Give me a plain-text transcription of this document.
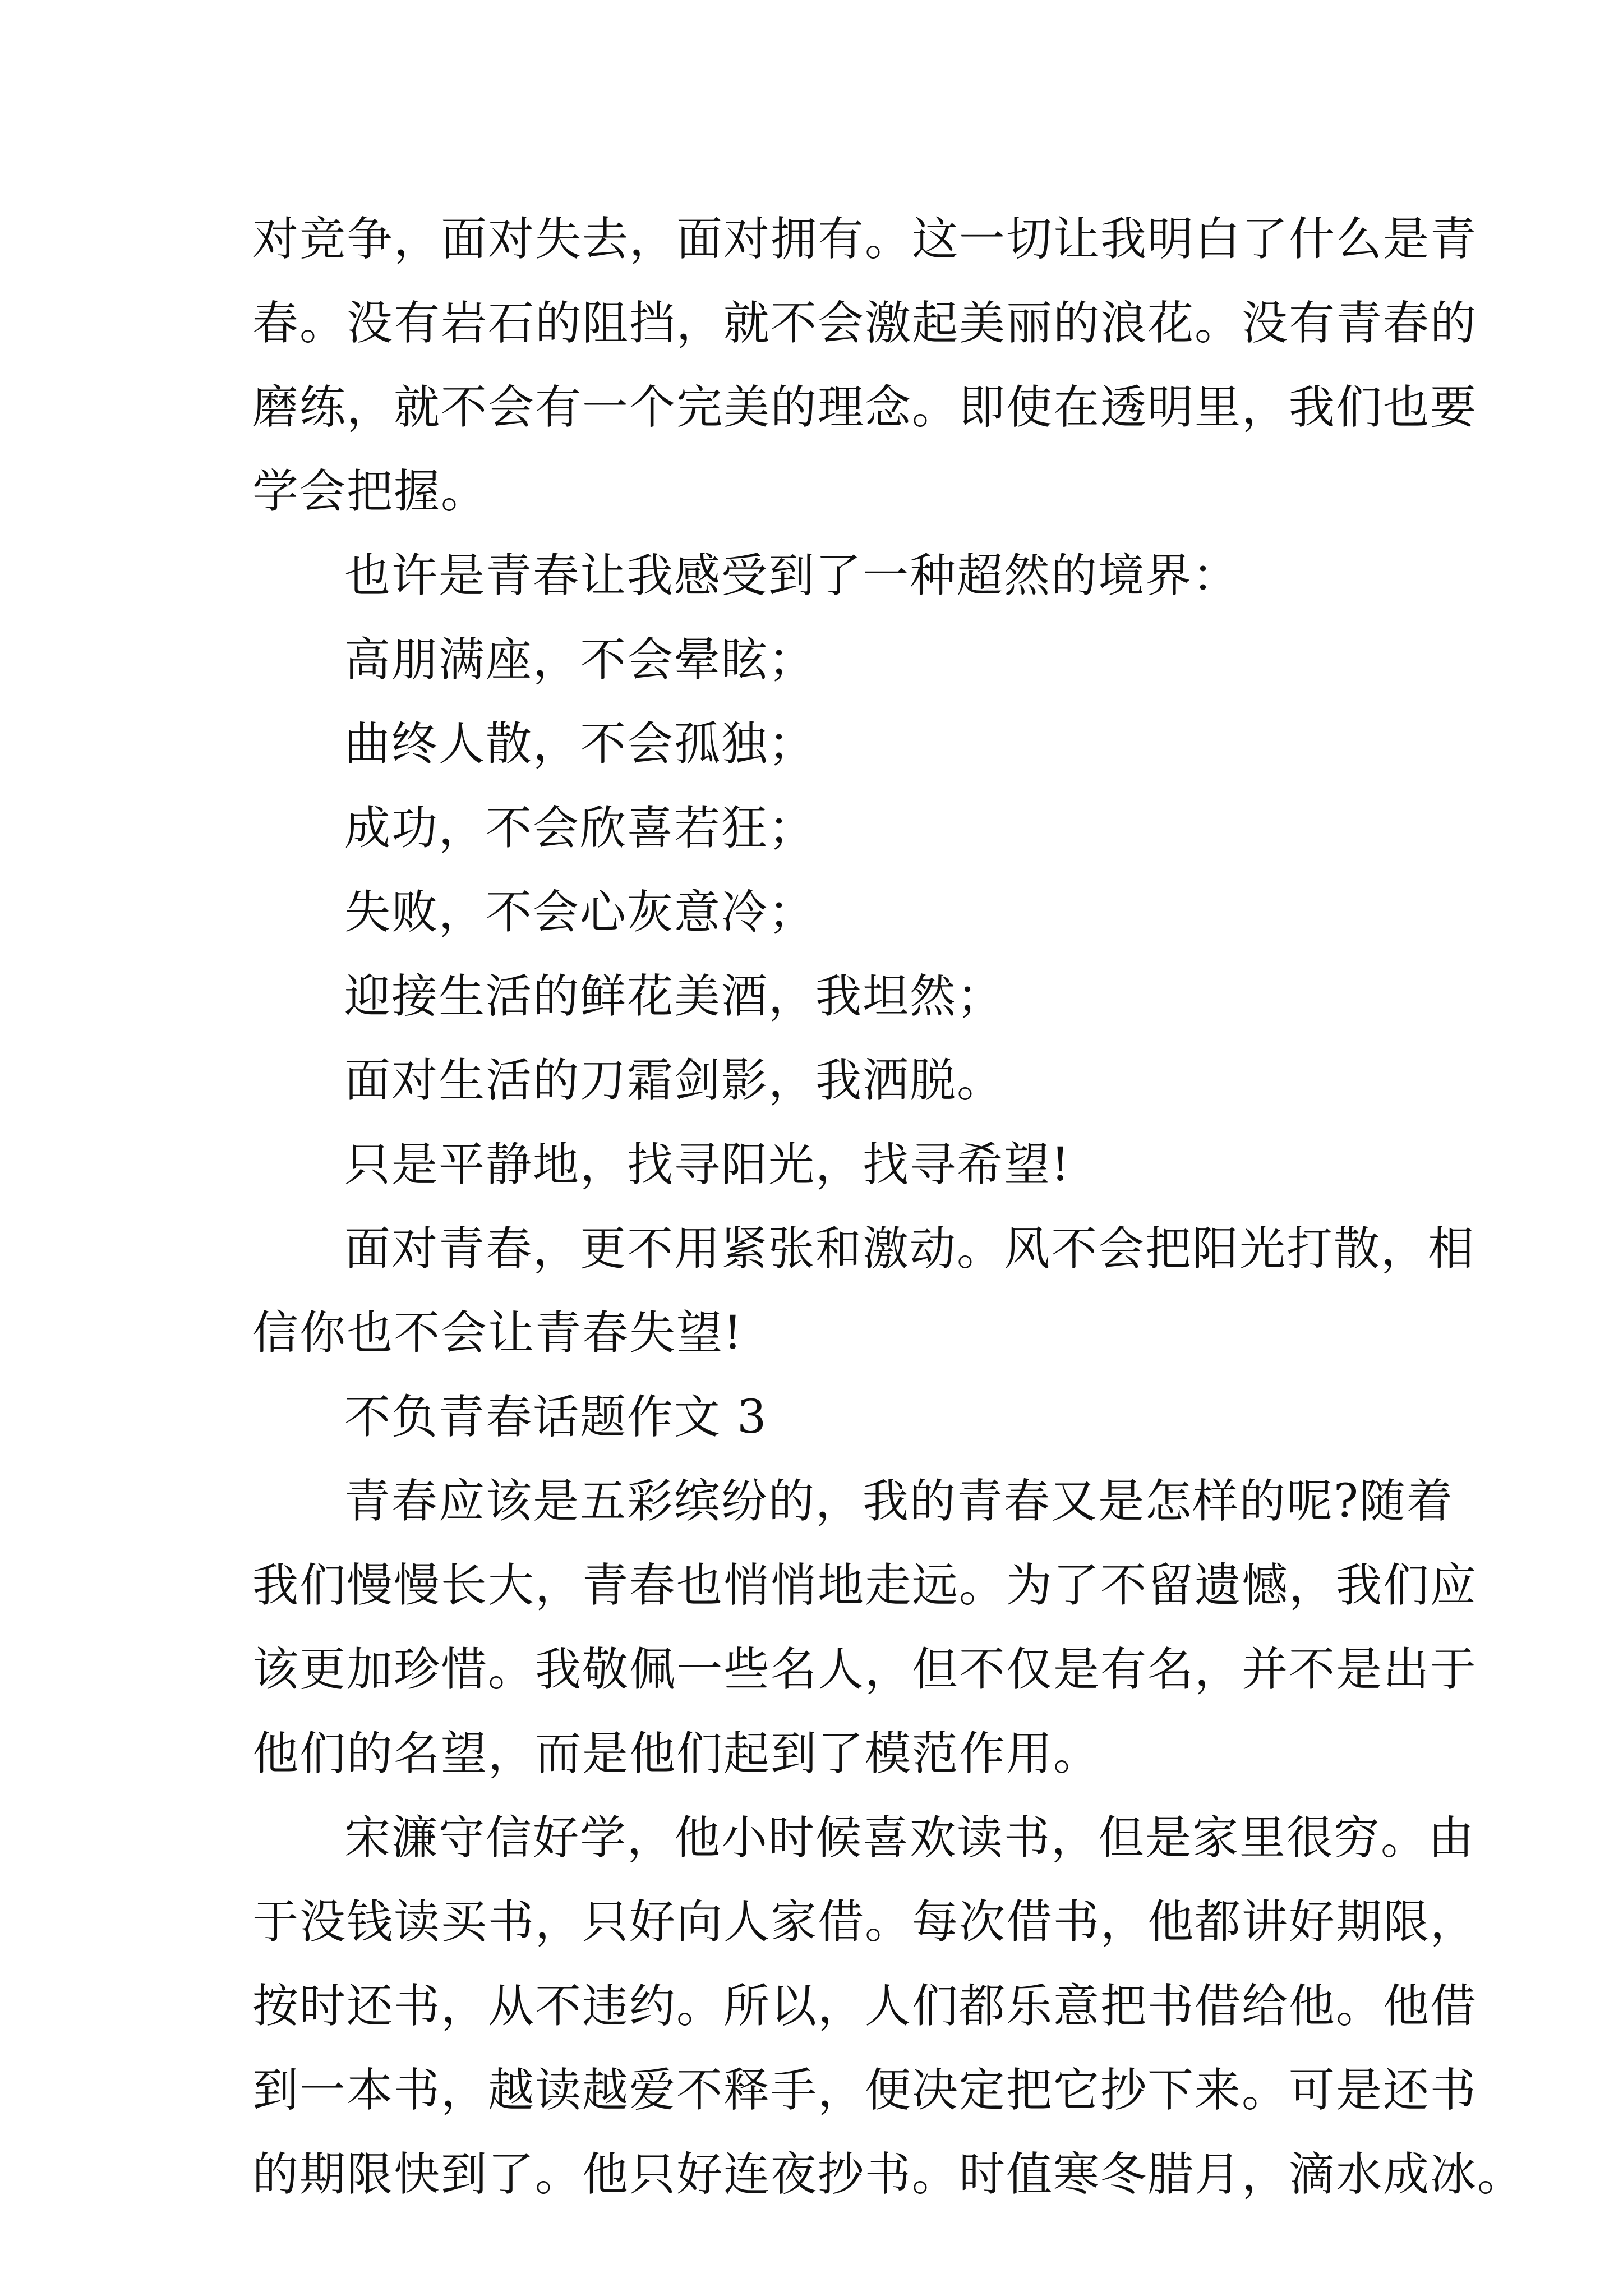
对竞争，面对失去，面对拥有。这一切让我明白了什么是青
春。没有岩石的阻挡，就不会激起美丽的浪花。没有青春的
磨练，就不会有一个完美的理念。即使在透明里，我们也要
学会把握。
也许是青春让我感受到了一种超然的境界：
高朋满座，不会晕眩；
曲终人散，不会孤独；
成功，不会欣喜若狂；
失败，不会心灰意冷；
迎接生活的鲜花美酒，我坦然；
面对生活的刀霜剑影，我洒脱。
只是平静地，找寻阳光，找寻希望!
面对青春，更不用紧张和激动。风不会把阳光打散，相
信你也不会让青春失望!
不负青春话题作文 3
青春应该是五彩缤纷的，我的青春又是怎样的呢?随着
我们慢慢长大，青春也悄悄地走远。为了不留遗憾，我们应
该更加珍惜。我敬佩一些名人，但不仅是有名，并不是出于
他们的名望，而是他们起到了模范作用。
宋濂守信好学，他小时候喜欢读书，但是家里很穷。由
于没钱读买书，只好向人家借。每次借书，他都讲好期限，
按时还书，从不违约。所以，人们都乐意把书借给他。他借
到一本书，越读越爱不释手，便决定把它抄下来。可是还书
的期限快到了。他只好连夜抄书。时值寒冬腊月，滴水成冰。
